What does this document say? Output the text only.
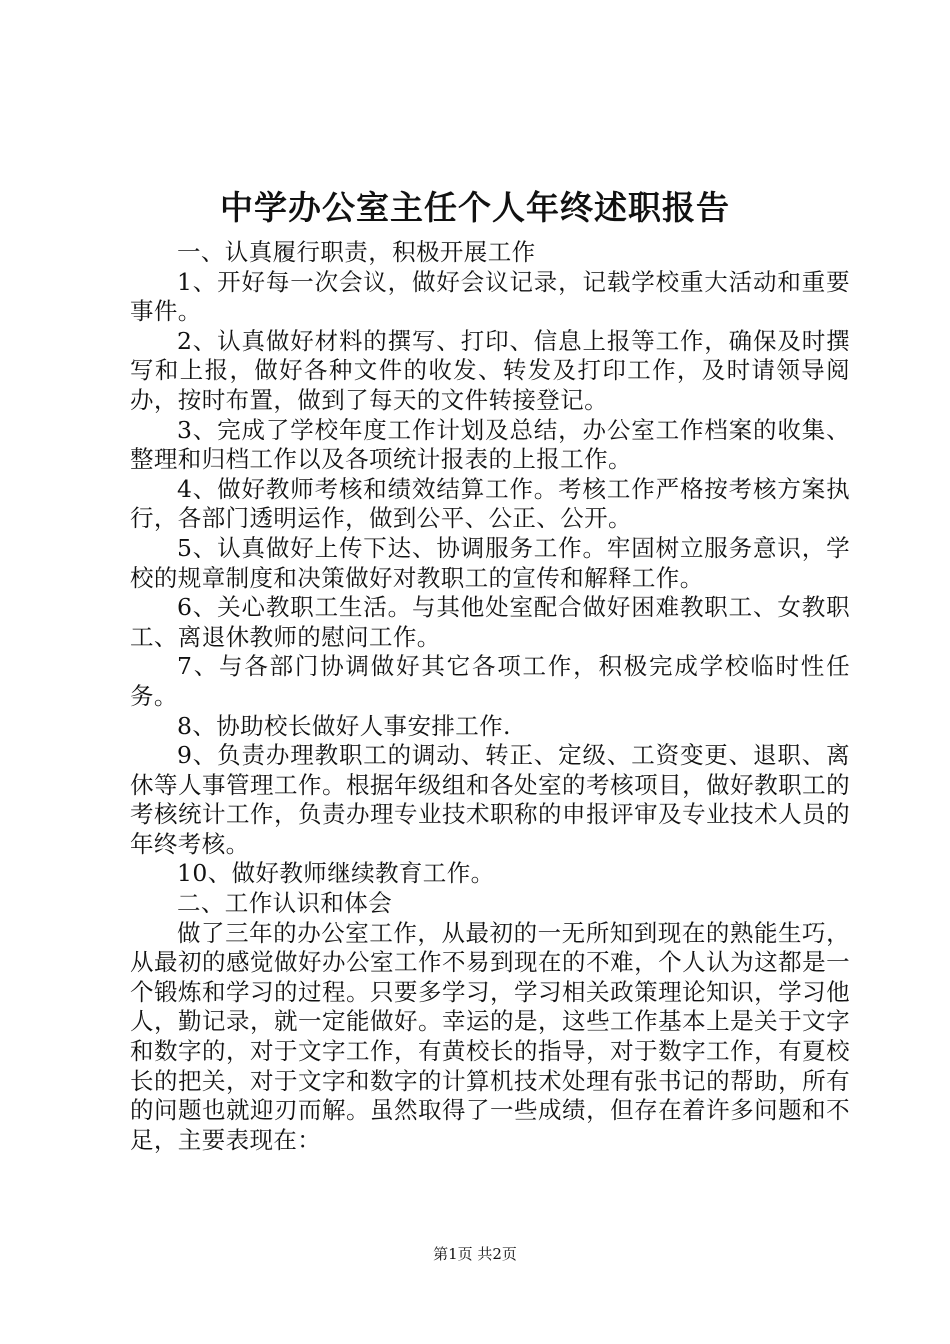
中学办公室主任个人年终述职报告

一、认真履行职责，积极开展工作

1、开好每一次会议，做好会议记录，记载学校重大活动和重要事件。

2、认真做好材料的撰写、打印、信息上报等工作，确保及时撰写和上报，做好各种文件的收发、转发及打印工作，及时请领导阅办，按时布置，做到了每天的文件转接登记。

3、完成了学校年度工作计划及总结，办公室工作档案的收集、整理和归档工作以及各项统计报表的上报工作。

4、做好教师考核和绩效结算工作。考核工作严格按考核方案执行，各部门透明运作，做到公平、公正、公开。

5、认真做好上传下达、协调服务工作。牢固树立服务意识，学校的规章制度和决策做好对教职工的宣传和解释工作。

6、关心教职工生活。与其他处室配合做好困难教职工、女教职工、离退休教师的慰问工作。

7、与各部门协调做好其它各项工作，积极完成学校临时性任务。

8、协助校长做好人事安排工作.

9、负责办理教职工的调动、转正、定级、工资变更、退职、离休等人事管理工作。根据年级组和各处室的考核项目，做好教职工的考核统计工作，负责办理专业技术职称的申报评审及专业技术人员的年终考核。

10、做好教师继续教育工作。

二、工作认识和体会

做了三年的办公室工作，从最初的一无所知到现在的熟能生巧，从最初的感觉做好办公室工作不易到现在的不难，个人认为这都是一个锻炼和学习的过程。只要多学习，学习相关政策理论知识，学习他人，勤记录，就一定能做好。幸运的是，这些工作基本上是关于文字和数字的，对于文字工作，有黄校长的指导，对于数字工作，有夏校长的把关，对于文字和数字的计算机技术处理有张书记的帮助，所有的问题也就迎刃而解。虽然取得了一些成绩，但存在着许多问题和不足，主要表现在：

第1页 共2页
